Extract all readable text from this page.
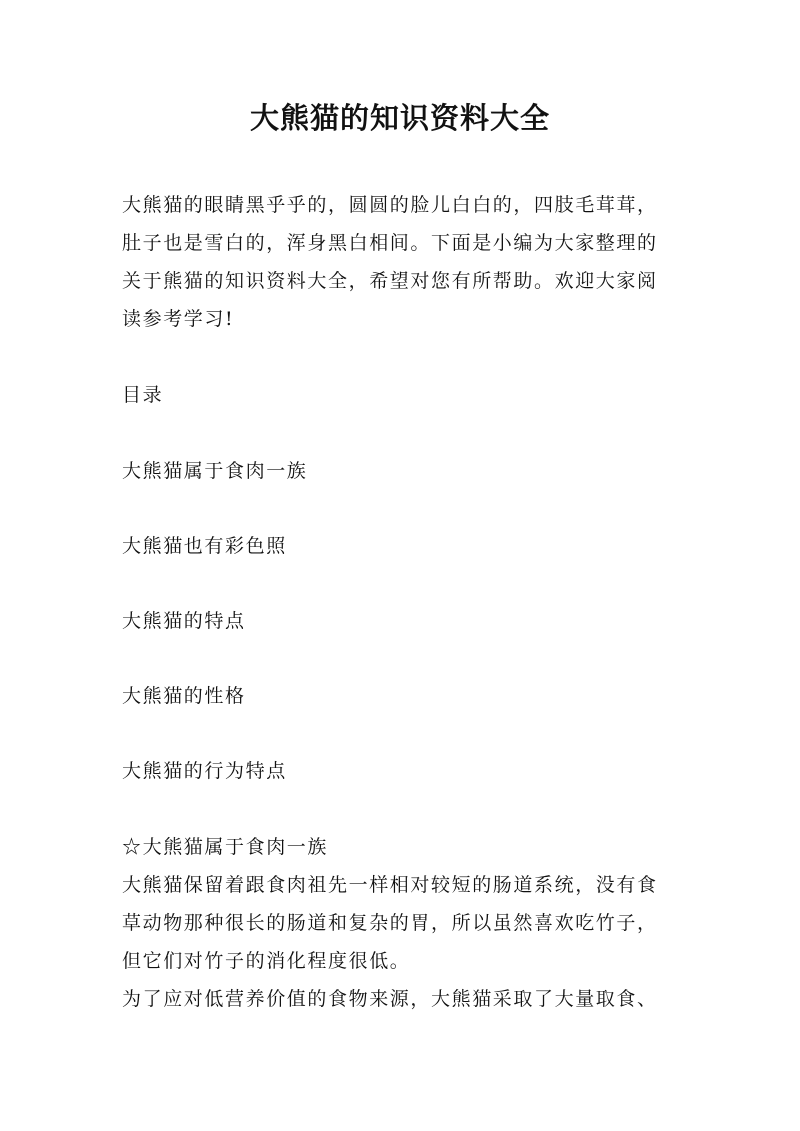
大熊猫的知识资料大全
大熊猫的眼睛黑乎乎的，圆圆的脸儿白白的，四肢毛茸茸，
肚子也是雪白的，浑身黑白相间。下面是小编为大家整理的
关于熊猫的知识资料大全，希望对您有所帮助。欢迎大家阅
读参考学习!
目录
大熊猫属于食肉一族
大熊猫也有彩色照
大熊猫的特点
大熊猫的性格
大熊猫的行为特点
☆大熊猫属于食肉一族
大熊猫保留着跟食肉祖先一样相对较短的肠道系统，没有食
草动物那种很长的肠道和复杂的胃，所以虽然喜欢吃竹子，
但它们对竹子的消化程度很低。
为了应对低营养价值的食物来源，大熊猫采取了大量取食、
